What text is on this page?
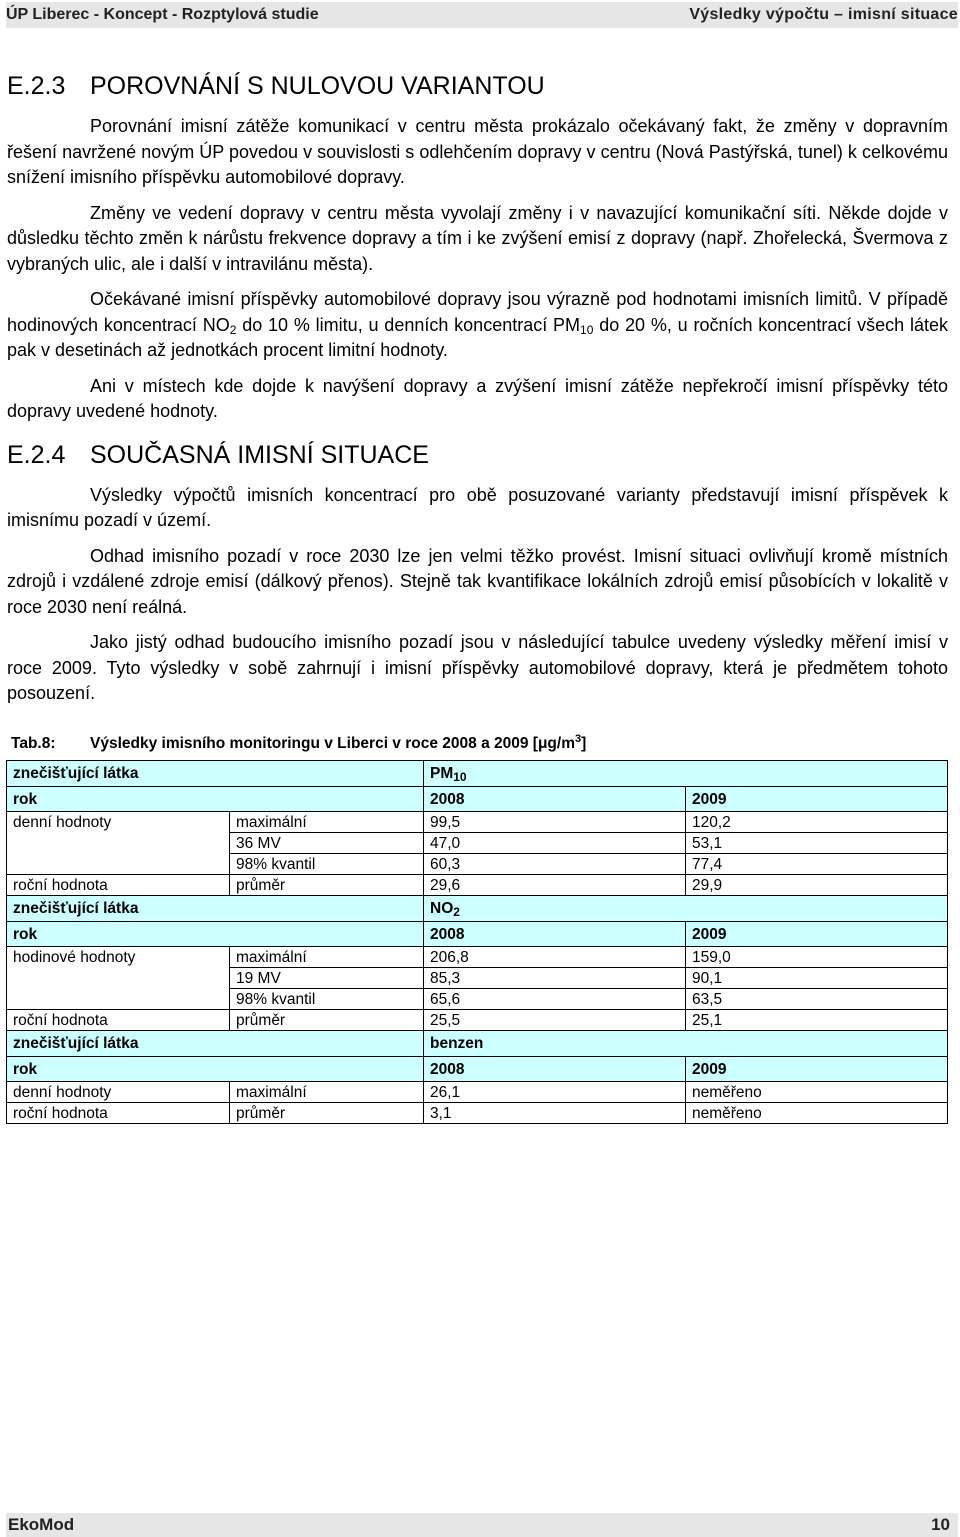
ÚP Liberec - Koncept - Rozptylová studie	Výsledky výpočtu – imisní situace
E.2.3 POROVNÁNÍ S NULOVOU VARIANTOU

Porovnání imisní zátěže komunikací v centru města prokázalo očekávaný fakt, že změny v dopravním řešení navržené novým ÚP povedou v souvislosti s odlehčením dopravy v centru (Nová Pastýřská, tunel) k celkovému snížení imisního příspěvku automobilové dopravy.

Změny ve vedení dopravy v centru města vyvolají změny i v navazující komunikační síti. Někde dojde v důsledku těchto změn k nárůstu frekvence dopravy a tím i ke zvýšení emisí z dopravy (např. Zhořelecká, Švermova z vybraných ulic, ale i další v intravilánu města).

Očekávané imisní příspěvky automobilové dopravy jsou výrazně pod hodnotami imisních limitů. V případě hodinových koncentrací $NO_2$ do 10 % limitu, u denních koncentrací $PM_{10}$ do 20 %, u ročních koncentrací všech látek pak v desetinách až jednotkách procent limitní hodnoty.

Ani v místech kde dojde k navýšení dopravy a zvýšení imisní zátěže nepřekročí imisní příspěvky této dopravy uvedené hodnoty.

E.2.4 SOUČASNÁ IMISNÍ SITUACE

Výsledky výpočtů imisních koncentrací pro obě posuzované varianty představují imisní příspěvek k imisnímu pozadí v území.

Odhad imisního pozadí v roce 2030 lze jen velmi těžko provést. Imisní situaci ovlivňují kromě místních zdrojů i vzdálené zdroje emisí (dálkový přenos). Stejně tak kvantifikace lokálních zdrojů emisí působících v lokalitě v roce 2030 není reálná.

Jako jistý odhad budoucího imisního pozadí jsou v následující tabulce uvedeny výsledky měření imisí v roce 2009. Tyto výsledky v sobě zahrnují i imisní příspěvky automobilové dopravy, která je předmětem tohoto posouzení.

Tab.8:	Výsledky imisního monitoringu v Liberci v roce 2008 a 2009 $[\mu g/m^3]$
znečišťující látka		$PM_{10}$
rok		2008	2009
denní hodnoty	maximální	99,5	120,2
	36 MV	47,0	53,1
	98% kvantil	60,3	77,4
roční hodnota	průměr	29,6	29,9
znečišťující látka		$NO_2$
rok		2008	2009
hodinové hodnoty	maximální	206,8	159,0
	19 MV	85,3	90,1
	98% kvantil	65,6	63,5
roční hodnota	průměr	25,5	25,1
znečišťující látka		benzen	
rok		2008	2009
denní hodnoty	maximální	26,1	neměřeno
roční hodnota	průměr	3,1	neměřeno
EkoMod	10
